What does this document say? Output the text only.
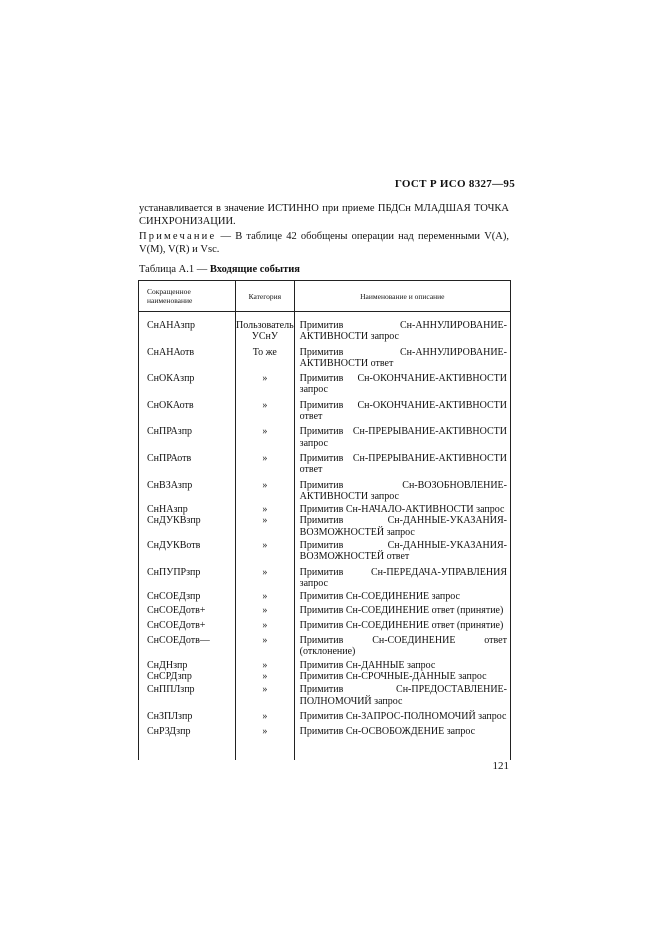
ГОСТ Р ИСО 8327—95
устанавливается в значение ИСТИННО при приеме ПБДСн МЛАДШАЯ ТОЧКА СИНХРОНИЗАЦИИ.
Примечание — В таблице 42 обобщены операции над переменными V(A), V(M), V(R) и Vsc.
Таблица А.1 — Входящие события
Сокращенное наименование	Категория	Наименование и описание
СнАНАзпр	Пользователь УСнУ	Примитив Сн-АННУЛИРОВАНИЕ-АКТИВНОСТИ запрос
СнАНАотв	То же	Примитив Сн-АННУЛИРОВАНИЕ-АКТИВНОСТИ ответ
СнОКАзпр	»	Примитив Сн-ОКОНЧАНИЕ-АКТИВНОСТИ запрос
СнОКАотв	»	Примитив Сн-ОКОНЧАНИЕ-АКТИВНОСТИ ответ
СнПРАзпр	»	Примитив Сн-ПРЕРЫВАНИЕ-АКТИВНОСТИ запрос
СнПРАотв	»	Примитив Сн-ПРЕРЫВАНИЕ-АКТИВНОСТИ ответ
СнВЗАзпр	»	Примитив Сн-ВОЗОБНОВЛЕНИЕ-АКТИВНОСТИ запрос
СнНАзпр	»	Примитив Сн-НАЧАЛО-АКТИВНОСТИ запрос
СнДУКВзпр	»	Примитив Сн-ДАННЫЕ-УКАЗАНИЯ-ВОЗМОЖНОСТЕЙ запрос
СнДУКВотв	»	Примитив Сн-ДАННЫЕ-УКАЗАНИЯ-ВОЗМОЖНОСТЕЙ ответ
СнПУПРзпр	»	Примитив Сн-ПЕРЕДАЧА-УПРАВЛЕНИЯ запрос
СнСОЕДзпр	»	Примитив Сн-СОЕДИНЕНИЕ запрос
СнСОЕДотв+	»	Примитив Сн-СОЕДИНЕНИЕ ответ (принятие)
СнСОЕДотв+	»	Примитив Сн-СОЕДИНЕНИЕ ответ (принятие)
СнСОЕДотв—	»	Примитив Сн-СОЕДИНЕНИЕ ответ (отклонение)
СнДНзпр	»	Примитив Сн-ДАННЫЕ запрос
СнСРДзпр	»	Примитив Сн-СРОЧНЫЕ-ДАННЫЕ запрос
СнППЛзпр	»	Примитив Сн-ПРЕДОСТАВЛЕНИЕ-ПОЛНОМОЧИЙ запрос
СнЗПЛзпр	»	Примитив Сн-ЗАПРОС-ПОЛНОМОЧИЙ запрос
СнРЗДзпр	»	Примитив Сн-ОСВОБОЖДЕНИЕ запрос
121
